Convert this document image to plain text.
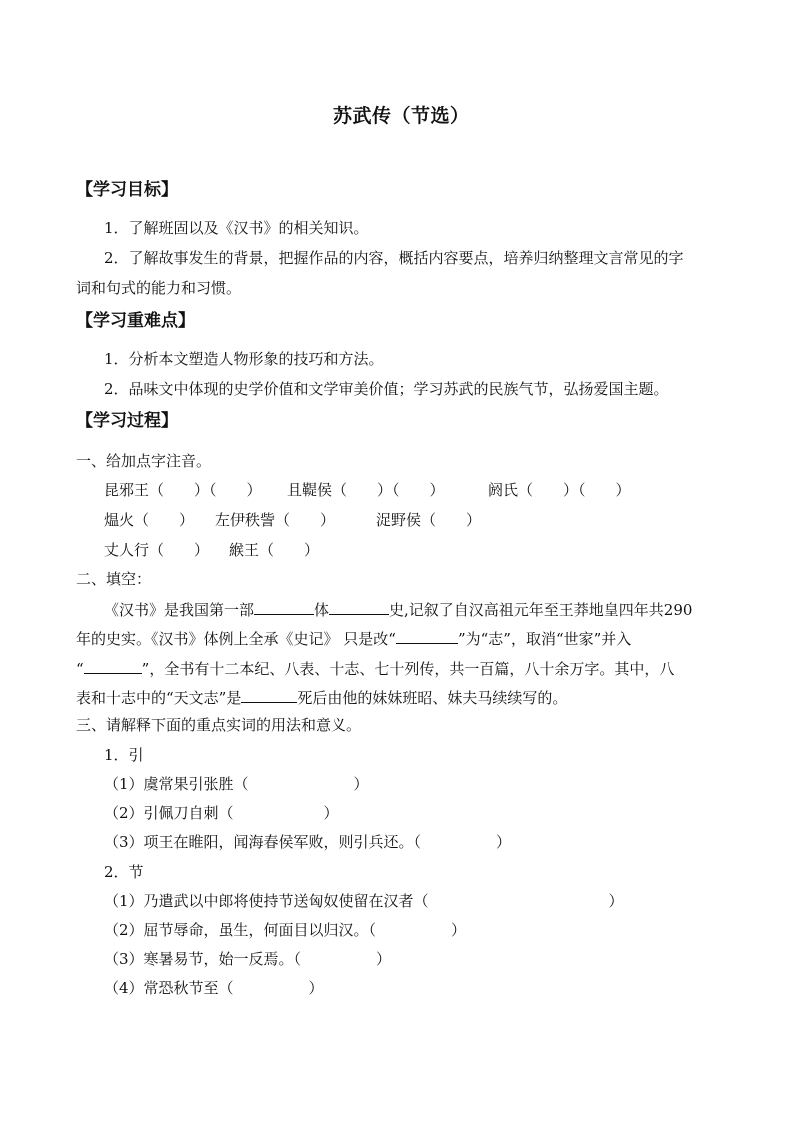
苏武传（节选）
【学习目标】
1．了解班固以及《汉书》的相关知识。
2．了解故事发生的背景，把握作品的内容，概括内容要点，培养归纳整理文言常见的字
词和句式的能力和习惯。
【学习重难点】
1．分析本文塑造人物形象的技巧和方法。
2．品味文中体现的史学价值和文学审美价值；学习苏武的民族气节，弘扬爱国主题。
【学习过程】
一、给加点字注音。
昆邪王（　　）（　　） 且鞮侯（　　）（　　）	阏氏（　　）（　　）
煴火（　　） 左伊秩訾（　　）	浞野侯（　　）
丈人行（　　） 緱王（　　）
二、填空：
《汉书》是我国第一部	体	史,记叙了自汉高祖元年至王莽地皇四年共290
年的史实。《汉书》体例上全承《史记》 只是改“	”为“志”，取消“世家”并入
“	”，全书有十二本纪、八表、十志、七十列传，共一百篇，八十余万字。其中，八
表和十志中的“天文志”是	死后由他的妹妹班昭、妹夫马续续写的。
三、请解释下面的重点实词的用法和意义。
1．引
（1）虞常果引张胜（　　　　　　　）
（2）引佩刀自刺（　　　　　　）
（3）项王在睢阳，闻海春侯军败，则引兵还。（　　　　　）
2．节
（1）乃遣武以中郎将使持节送匈奴使留在汉者（　　　　　　　　　　　　）
（2）屈节辱命，虽生，何面目以归汉。（　　　　　）
（3）寒暑易节，始一反焉。（　　　　　）
（4）常恐秋节至（　　　　　）
